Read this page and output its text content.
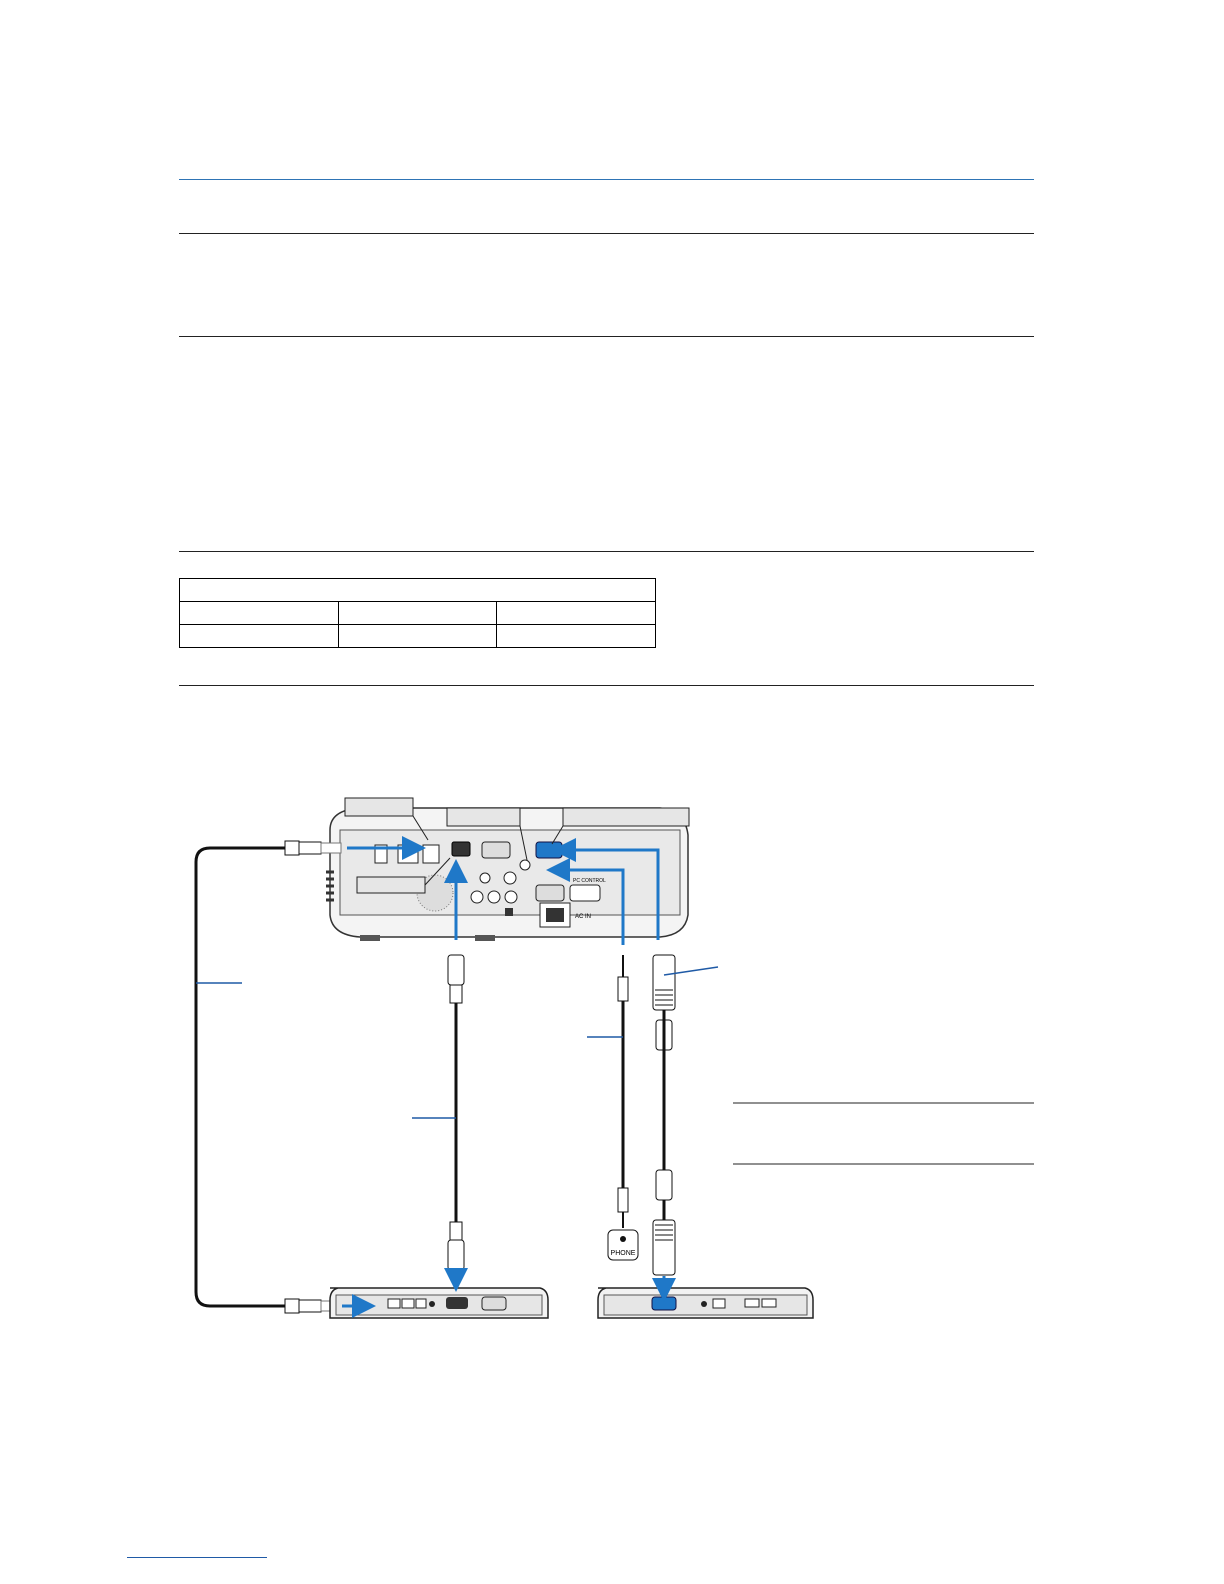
PC CONTROL
AC IN
PHONE
